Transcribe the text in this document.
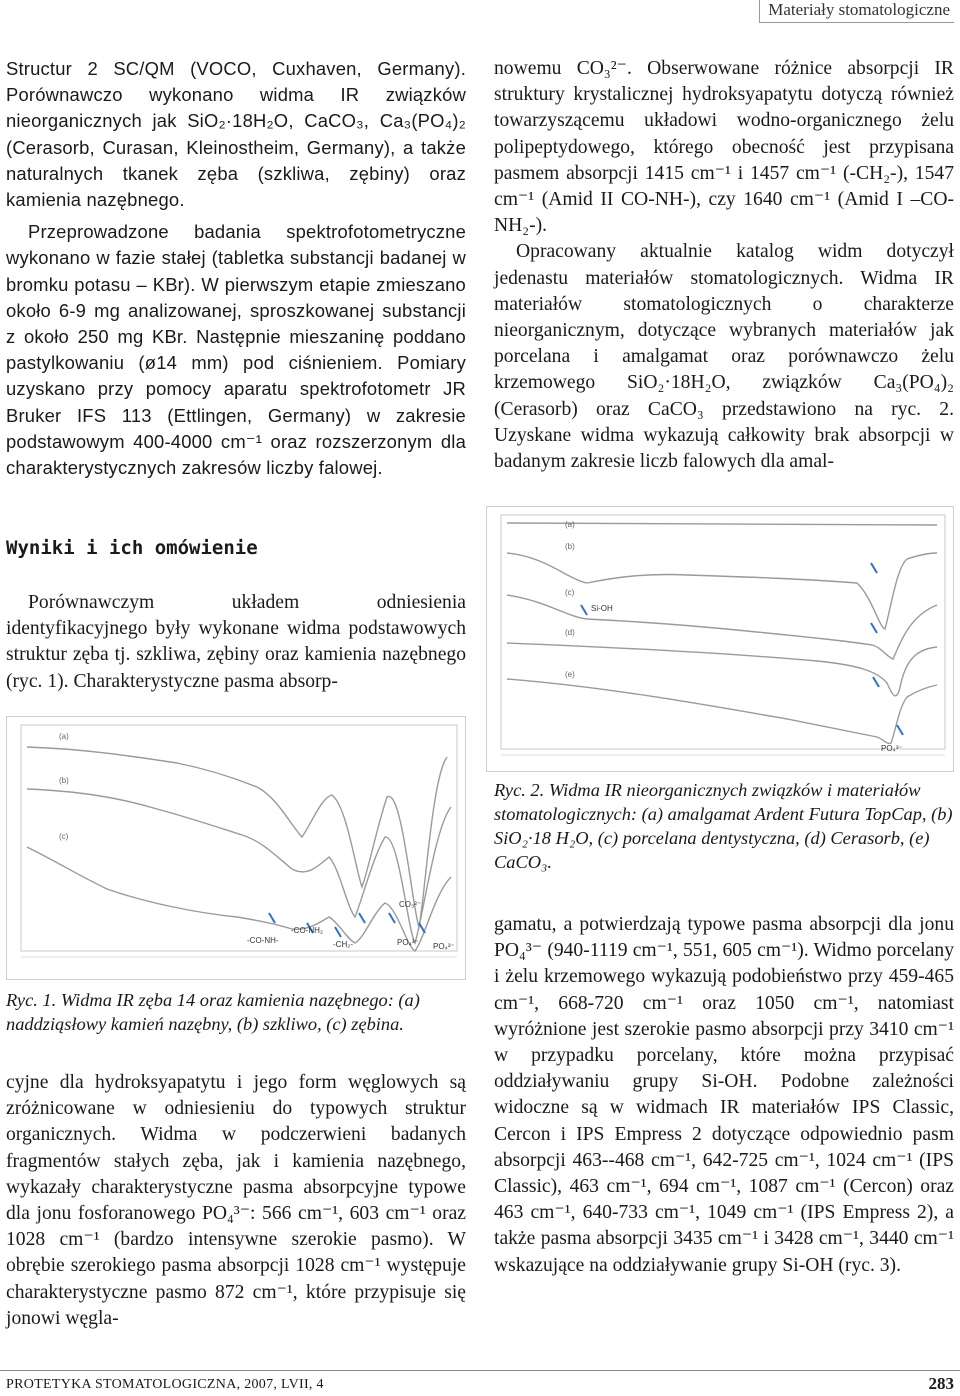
Materiały stomatologiczne

Structur 2 SC/QM (VOCO, Cuxhaven, Germany). Porównawczo wykonano widma IR związków nieorganicznych jak SiO₂·18H₂O, CaCO₃, Ca₃(PO₄)₂ (Cerasorb, Curasan, Kleinostheim, Germany), a także naturalnych tkanek zęba (szkliwa, zębiny) oraz kamienia nazębnego.

Przeprowadzone badania spektrofotometryczne wykonano w fazie stałej (tabletka substancji badanej w bromku potasu – KBr). W pierwszym etapie zmieszano około 6-9 mg analizowanej, sproszkowanej substancji z około 250 mg KBr. Następnie mieszaninę poddano pastylkowaniu (ø14 mm) pod ciśnieniem. Pomiary uzyskano przy pomocy aparatu spektrofotometr JR Bruker IFS 113 (Ettlingen, Germany) w zakresie podstawowym 400-4000 cm⁻¹ oraz rozszerzonym dla charakterystycznych zakresów liczby falowej.

Wyniki i ich omówienie

Porównawczym układem odniesienia identyfikacyjnego były wykonane widma podstawowych struktur zęba tj. szkliwa, zębiny oraz kamienia nazębnego (ryc. 1). Charakterystyczne pasma absorp-

(a)
(b)
(c)
-CO-NH-
-CO-NH₂
-CH₂-	PO₄³⁻
CO₃²⁻
PO₄³⁻
Ryc. 1. Widma IR zęba 14 oraz kamienia nazębnego: (a) naddziąsłowy kamień nazębny, (b) szkliwo, (c) zębina.

cyjne dla hydroksyapatytu i jego form węglowych są zróżnicowane w odniesieniu do typowych struktur organicznych. Widma w podczerwieni badanych fragmentów stałych zęba, jak i kamienia nazębnego, wykazały charakterystyczne pasma absorpcyjne typowe dla jonu fosforanowego PO₄³⁻: 566 cm⁻¹, 603 cm⁻¹ oraz 1028 cm⁻¹ (bardzo intensywne szerokie pasmo). W obrębie szerokiego pasma absorpcji 1028 cm⁻¹ występuje charakterystyczne pasmo 872 cm⁻¹, które przypisuje się jonowi węgla-

nowemu CO₃²⁻. Obserwowane różnice absorpcji IR struktury krystalicznej hydroksyapatytu dotyczą również towarzyszącemu układowi wodno-organicznego żelu polipeptydowego, którego obecność jest przypisana pasmem absorpcji 1415 cm⁻¹ i 1457 cm⁻¹ (-CH₂-), 1547 cm⁻¹ (Amid II CO-NH-), czy 1640 cm⁻¹ (Amid I –CO-NH₂-).

Opracowany aktualnie katalog widm dotyczył jedenastu materiałów stomatologicznych. Widma IR materiałów stomatologicznych o charakterze nieorganicznym, dotyczące wybranych materiałów jak porcelana i amalgamat oraz porównawczo żelu krzemowego SiO₂·18H₂O, związków Ca₃(PO₄)₂ (Cerasorb) oraz CaCO₃ przedstawiono na ryc. 2. Uzyskane widma wykazują całkowity brak absorpcji w badanym zakresie liczb falowych dla amal-

(a)
(b)
(c)
(d)
(e)
Si-OH
PO₄³⁻
Ryc. 2. Widma IR nieorganicznych związków i materiałów stomatologicznych: (a) amalgamat Ardent Futura TopCap, (b) SiO₂·18 H₂O, (c) porcelana dentystyczna, (d) Cerasorb, (e) CaCO₃.

gamatu, a potwierdzają typowe pasma absorpcji dla jonu PO₄³⁻ (940-1119 cm⁻¹, 551, 605 cm⁻¹). Widmo porcelany i żelu krzemowego wykazują podobieństwo przy 459-465 cm⁻¹, 668-720 cm⁻¹ oraz 1050 cm⁻¹, natomiast wyróżnione jest szerokie pasmo absorpcji przy 3410 cm⁻¹ w przypadku porcelany, które można przypisać oddziaływaniu grupy Si-OH. Podobne zależności widoczne są w widmach IR materiałów IPS Classic, Cercon i IPS Empress 2 dotyczące odpowiednio pasm absorpcji 463--468 cm⁻¹, 642-725 cm⁻¹, 1024 cm⁻¹ (IPS Classic), 463 cm⁻¹, 694 cm⁻¹, 1087 cm⁻¹ (Cercon) oraz 463 cm⁻¹, 640-733 cm⁻¹, 1049 cm⁻¹ (IPS Empress 2), a także pasma absorpcji 3435 cm⁻¹ i 3428 cm⁻¹, 3440 cm⁻¹ wskazujące na oddziaływanie grupy Si-OH (ryc. 3).

PROTETYKA STOMATOLOGICZNA, 2007, LVII, 4	283
